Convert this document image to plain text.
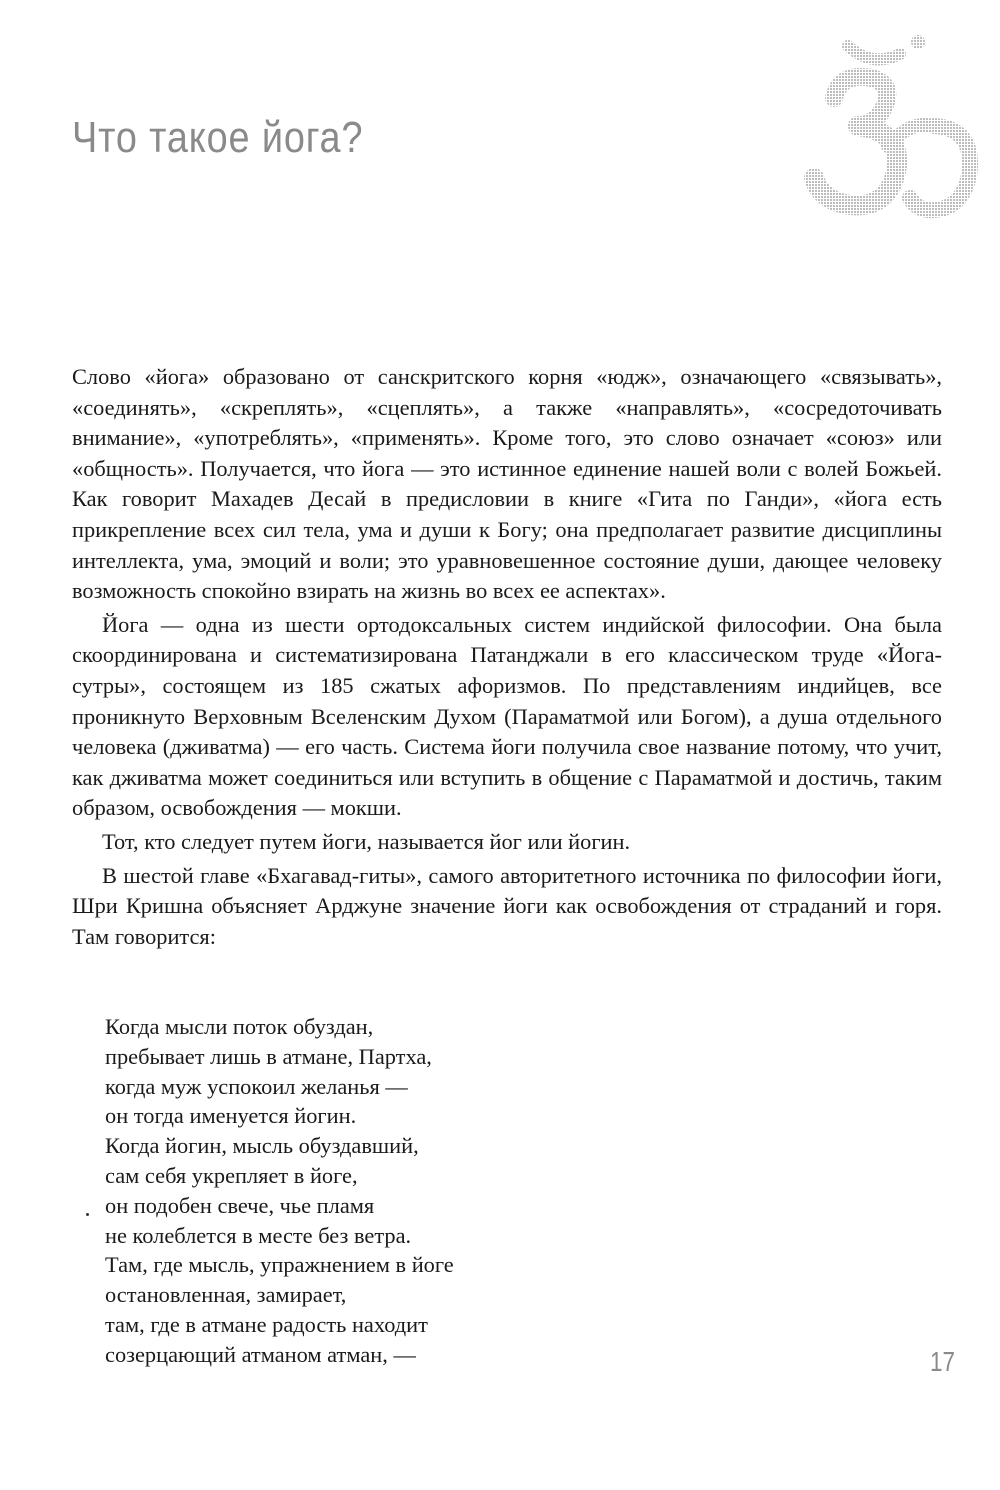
Что такое йога?

Слово «йога» образовано от санскритского корня «юдж», означающего «связывать», «соединять», «скреплять», «сцеплять», а также «направлять», «сосредоточивать внимание», «употреблять», «применять». Кроме того, это слово означает «союз» или «общность». Получается, что йога — это истинное единение нашей воли с волей Божьей. Как говорит Махадев Десай в предисловии в книге «Гита по Ганди», «йога есть прикрепление всех сил тела, ума и души к Богу; она предполагает развитие дисциплины интеллекта, ума, эмоций и воли; это уравновешенное состояние души, дающее человеку возможность спокойно взирать на жизнь во всех ее аспектах».

Йога — одна из шести ортодоксальных систем индийской философии. Она была скоординирована и систематизирована Патанджали в его классическом труде «Йога-сутры», состоящем из 185 сжатых афоризмов. По представлениям индийцев, все проникнуто Верховным Вселенским Духом (Параматмой или Богом), а душа отдельного человека (дживатма) — его часть. Система йоги получила свое название потому, что учит, как дживатма может соединиться или вступить в общение с Параматмой и достичь, таким образом, освобождения — мокши.

Тот, кто следует путем йоги, называется йог или йогин.

В шестой главе «Бхагавад-гиты», самого авторитетного источника по философии йоги, Шри Кришна объясняет Арджуне значение йоги как освобождения от страданий и горя. Там говорится:

Когда мысли поток обуздан,
пребывает лишь в атмане, Партха,
когда муж успокоил желанья —
он тогда именуется йогин.
Когда йогин, мысль обуздавший,
сам себя укрепляет в йоге,
он подобен свече, чье пламя
не колеблется в месте без ветра.
Там, где мысль, упражнением в йоге
остановленная, замирает,
там, где в атмане радость находит
созерцающий атманом атман, —	17
